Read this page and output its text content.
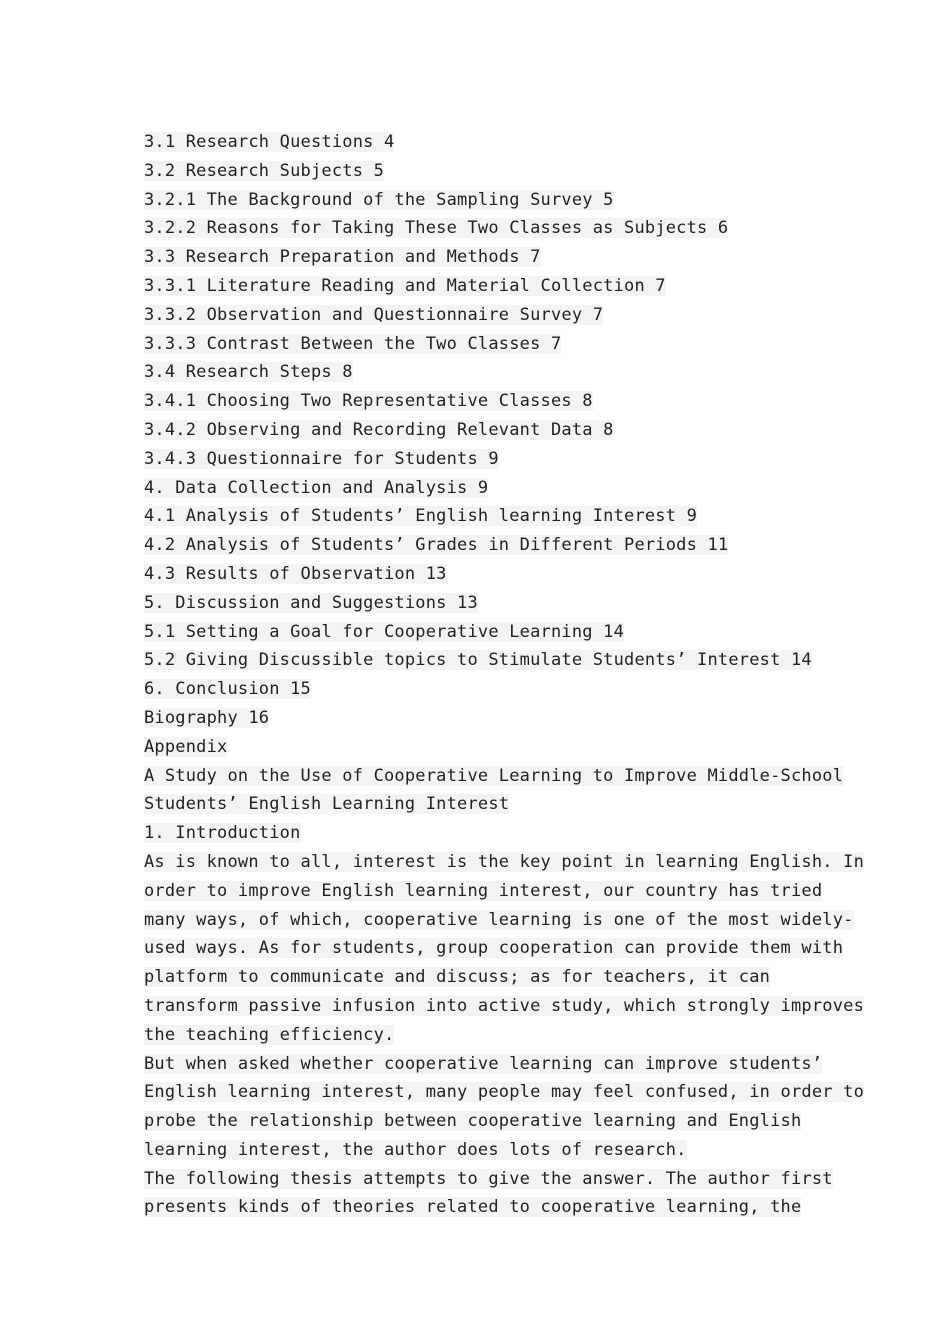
3.1 Research Questions 4
3.2 Research Subjects 5
3.2.1 The Background of the Sampling Survey 5
3.2.2 Reasons for Taking These Two Classes as Subjects 6
3.3 Research Preparation and Methods 7
3.3.1 Literature Reading and Material Collection 7
3.3.2 Observation and Questionnaire Survey 7
3.3.3 Contrast Between the Two Classes 7
3.4 Research Steps 8
3.4.1 Choosing Two Representative Classes 8
3.4.2 Observing and Recording Relevant Data 8
3.4.3 Questionnaire for Students 9
4. Data Collection and Analysis 9
4.1 Analysis of Students’ English learning Interest 9
4.2 Analysis of Students’ Grades in Different Periods 11
4.3 Results of Observation 13
5. Discussion and Suggestions 13
5.1 Setting a Goal for Cooperative Learning 14
5.2 Giving Discussible topics to Stimulate Students’ Interest 14
6. Conclusion 15
Biography 16
Appendix
A Study on the Use of Cooperative Learning to Improve Middle-School
Students’ English Learning Interest
1. Introduction
As is known to all, interest is the key point in learning English. In
order to improve English learning interest, our country has tried
many ways, of which, cooperative learning is one of the most widely-
used ways. As for students, group cooperation can provide them with
platform to communicate and discuss; as for teachers, it can
transform passive infusion into active study, which strongly improves
the teaching efficiency.
But when asked whether cooperative learning can improve students’
English learning interest, many people may feel confused, in order to
probe the relationship between cooperative learning and English
learning interest, the author does lots of research.
The following thesis attempts to give the answer. The author first
presents kinds of theories related to cooperative learning, the
